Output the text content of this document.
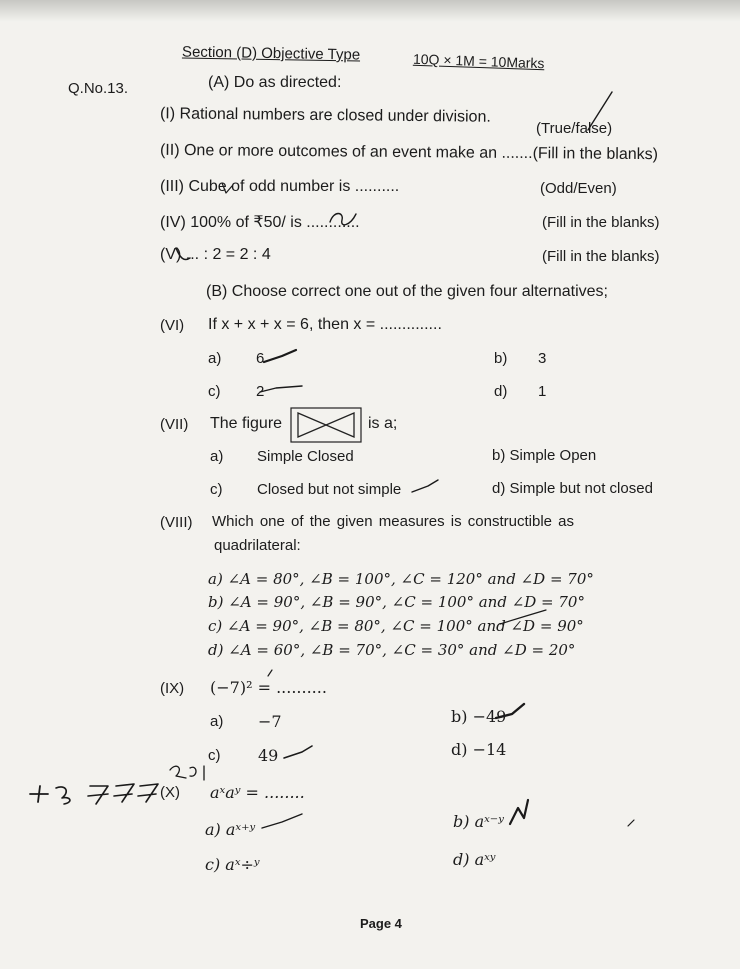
Section (D) Objective Type	10Q × 1M = 10Marks
Q.No.13.	(A) Do as directed:
(I) Rational numbers are closed under division.
(True/false)
(II) One or more outcomes of an event make an .......(Fill in the blanks)
(III) Cube of odd number is ..........	(Odd/Even)
(IV) 100% of ₹50/ is ............	(Fill in the blanks)
(V) ... : 2 = 2 : 4	(Fill in the blanks)
(B) Choose correct one out of the given four alternatives;
(VI) If x + x + x = 6, then x = ..............
a) 6	b) 3
c) 2	d) 1
(VII) The figure	is a;
a) Simple Closed	b) Simple Open
c) Closed but not simple	d) Simple but not closed
(VIII) Which one of the given measures is constructible as
quadrilateral:
a) ∠A = 80°, ∠B = 100°, ∠C = 120° and ∠D = 70°
b) ∠A = 90°, ∠B = 90°, ∠C = 100° and ∠D = 70°
c) ∠A = 90°, ∠B = 80°, ∠C = 100° and ∠D = 90°
d) ∠A = 60°, ∠B = 70°, ∠C = 30° and ∠D = 20°
(IX) (−7)² = ..........
a) −7	b) −49
c) 49	d) −14
(X) aˣaʸ = ........
a) aˣ⁺ʸ	b) aˣ⁻ʸ
c) aˣ÷ʸ	d) aˣʸ
Page 4
